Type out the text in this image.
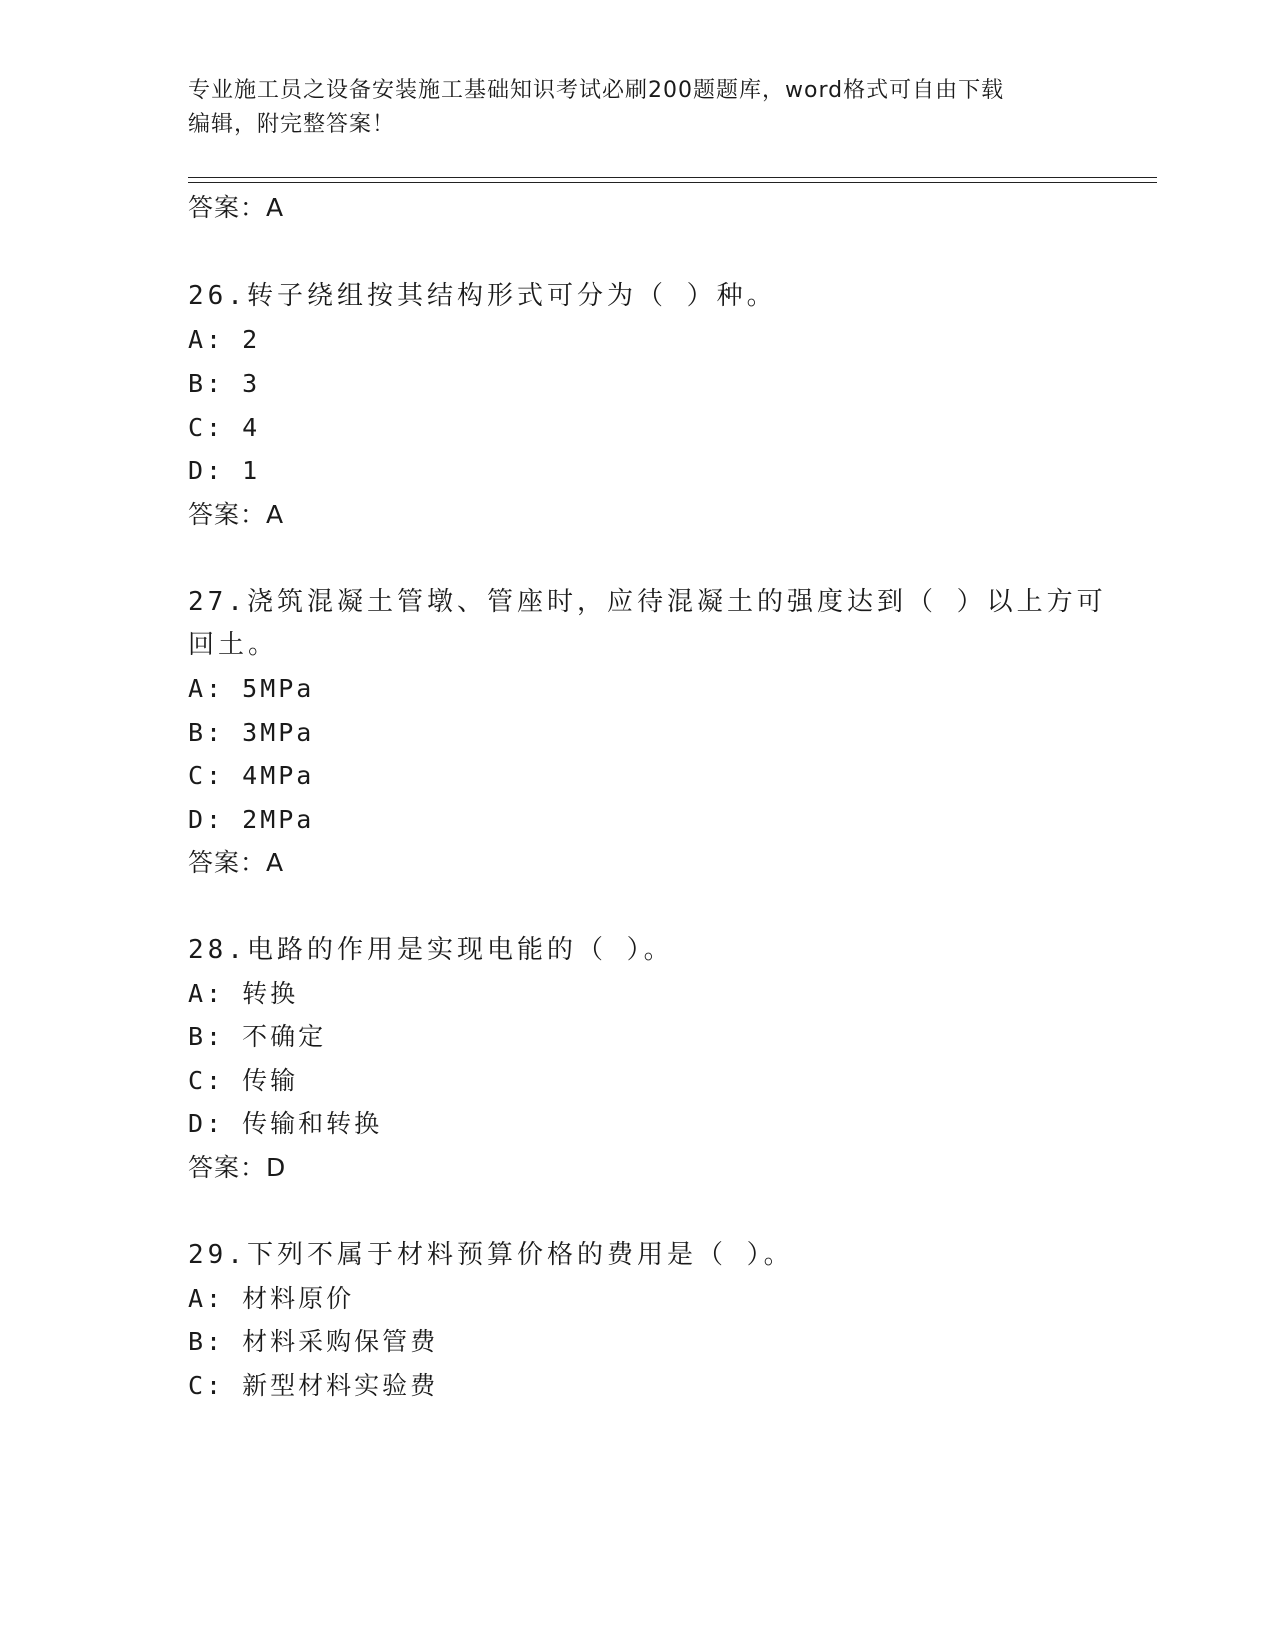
专业施工员之设备安装施工基础知识考试必刷200题题库，word格式可自由下载
编辑，附完整答案！
答案：A
26.转子绕组按其结构形式可分为（ ）种。
A: 2
B: 3
C: 4
D: 1
答案：A
27.浇筑混凝土管墩、管座时，应待混凝土的强度达到（ ）以上方可
回土。
A: 5MPa
B: 3MPa
C: 4MPa
D: 2MPa
答案：A
28.电路的作用是实现电能的（ ）。
A: 转换
B: 不确定
C: 传输
D: 传输和转换
答案：D
29.下列不属于材料预算价格的费用是（ ）。
A: 材料原价
B: 材料采购保管费
C: 新型材料实验费
